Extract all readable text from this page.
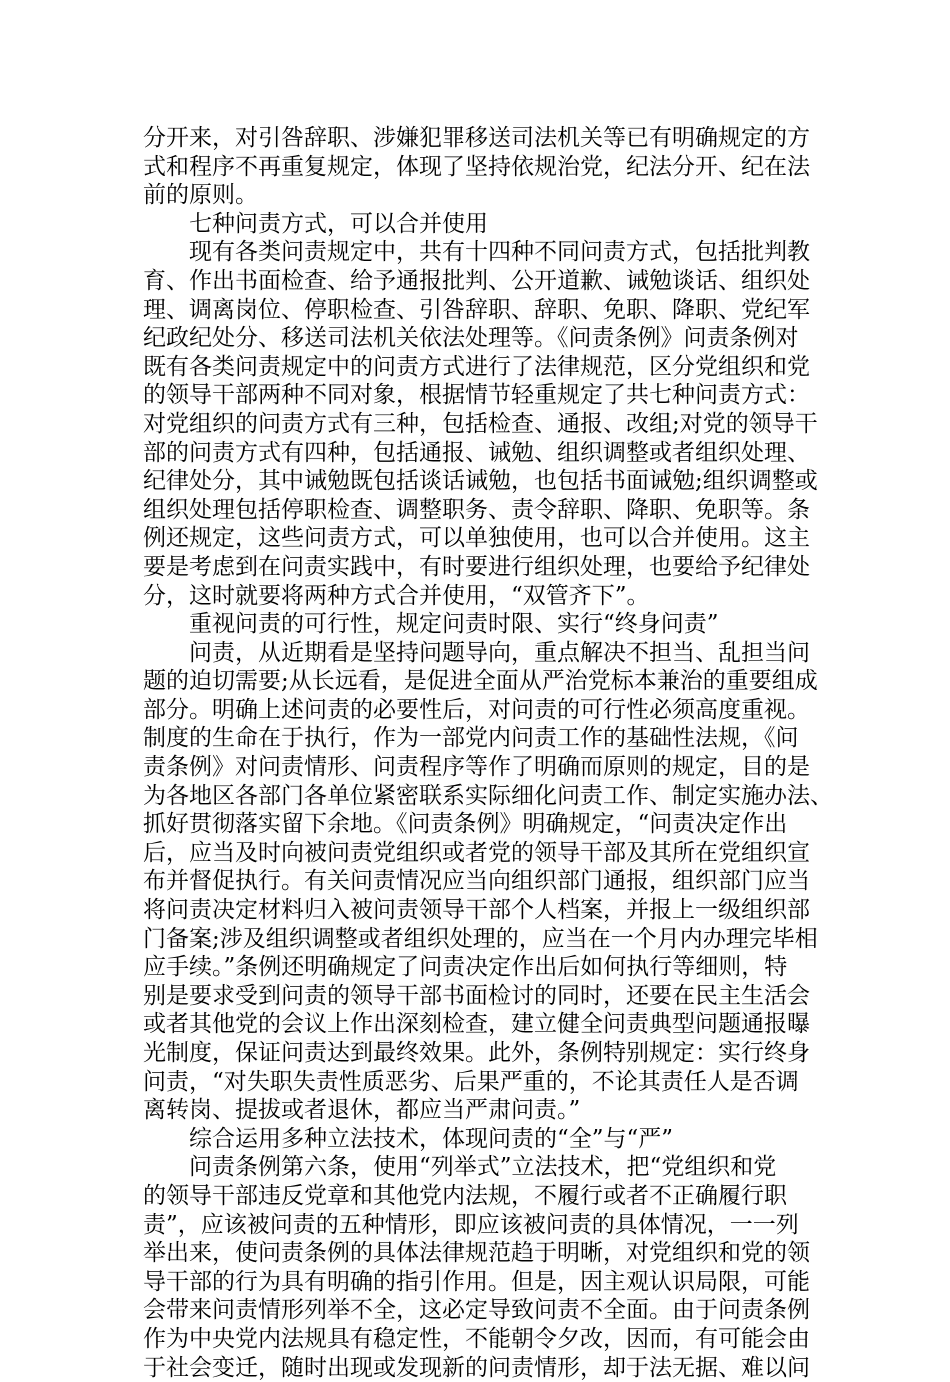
分开来，对引咎辞职、涉嫌犯罪移送司法机关等已有明确规定的方
式和程序不再重复规定，体现了坚持依规治党，纪法分开、纪在法
前的原则。
七种问责方式，可以合并使用
现有各类问责规定中，共有十四种不同问责方式，包括批判教
育、作出书面检查、给予通报批判、公开道歉、诫勉谈话、组织处
理、调离岗位、停职检查、引咎辞职、辞职、免职、降职、党纪军
纪政纪处分、移送司法机关依法处理等。《问责条例》问责条例对
既有各类问责规定中的问责方式进行了法律规范，区分党组织和党
的领导干部两种不同对象，根据情节轻重规定了共七种问责方式：
对党组织的问责方式有三种，包括检查、通报、改组;对党的领导干
部的问责方式有四种，包括通报、诫勉、组织调整或者组织处理、
纪律处分，其中诫勉既包括谈话诫勉，也包括书面诫勉;组织调整或
组织处理包括停职检查、调整职务、责令辞职、降职、免职等。条
例还规定，这些问责方式，可以单独使用，也可以合并使用。这主
要是考虑到在问责实践中，有时要进行组织处理，也要给予纪律处
分，这时就要将两种方式合并使用，“双管齐下”。
重视问责的可行性，规定问责时限、实行“终身问责”
问责，从近期看是坚持问题导向，重点解决不担当、乱担当问
题的迫切需要;从长远看，是促进全面从严治党标本兼治的重要组成
部分。明确上述问责的必要性后，对问责的可行性必须高度重视。
制度的生命在于执行，作为一部党内问责工作的基础性法规，《问
责条例》对问责情形、问责程序等作了明确而原则的规定，目的是
为各地区各部门各单位紧密联系实际细化问责工作、制定实施办法、
抓好贯彻落实留下余地。《问责条例》明确规定，“问责决定作出
后，应当及时向被问责党组织或者党的领导干部及其所在党组织宣
布并督促执行。有关问责情况应当向组织部门通报，组织部门应当
将问责决定材料归入被问责领导干部个人档案，并报上一级组织部
门备案;涉及组织调整或者组织处理的，应当在一个月内办理完毕相
应手续。”条例还明确规定了问责决定作出后如何执行等细则，特
别是要求受到问责的领导干部书面检讨的同时，还要在民主生活会
或者其他党的会议上作出深刻检查，建立健全问责典型问题通报曝
光制度，保证问责达到最终效果。此外，条例特别规定：实行终身
问责，“对失职失责性质恶劣、后果严重的，不论其责任人是否调
离转岗、提拔或者退休，都应当严肃问责。”
综合运用多种立法技术，体现问责的“全”与“严”
问责条例第六条，使用“列举式”立法技术，把“党组织和党
的领导干部违反党章和其他党内法规，不履行或者不正确履行职
责”，应该被问责的五种情形，即应该被问责的具体情况，一一列
举出来，使问责条例的具体法律规范趋于明晰，对党组织和党的领
导干部的行为具有明确的指引作用。但是，因主观认识局限，可能
会带来问责情形列举不全，这必定导致问责不全面。由于问责条例
作为中央党内法规具有稳定性，不能朝令夕改，因而，有可能会由
于社会变迁，随时出现或发现新的问责情形，却于法无据、难以问
